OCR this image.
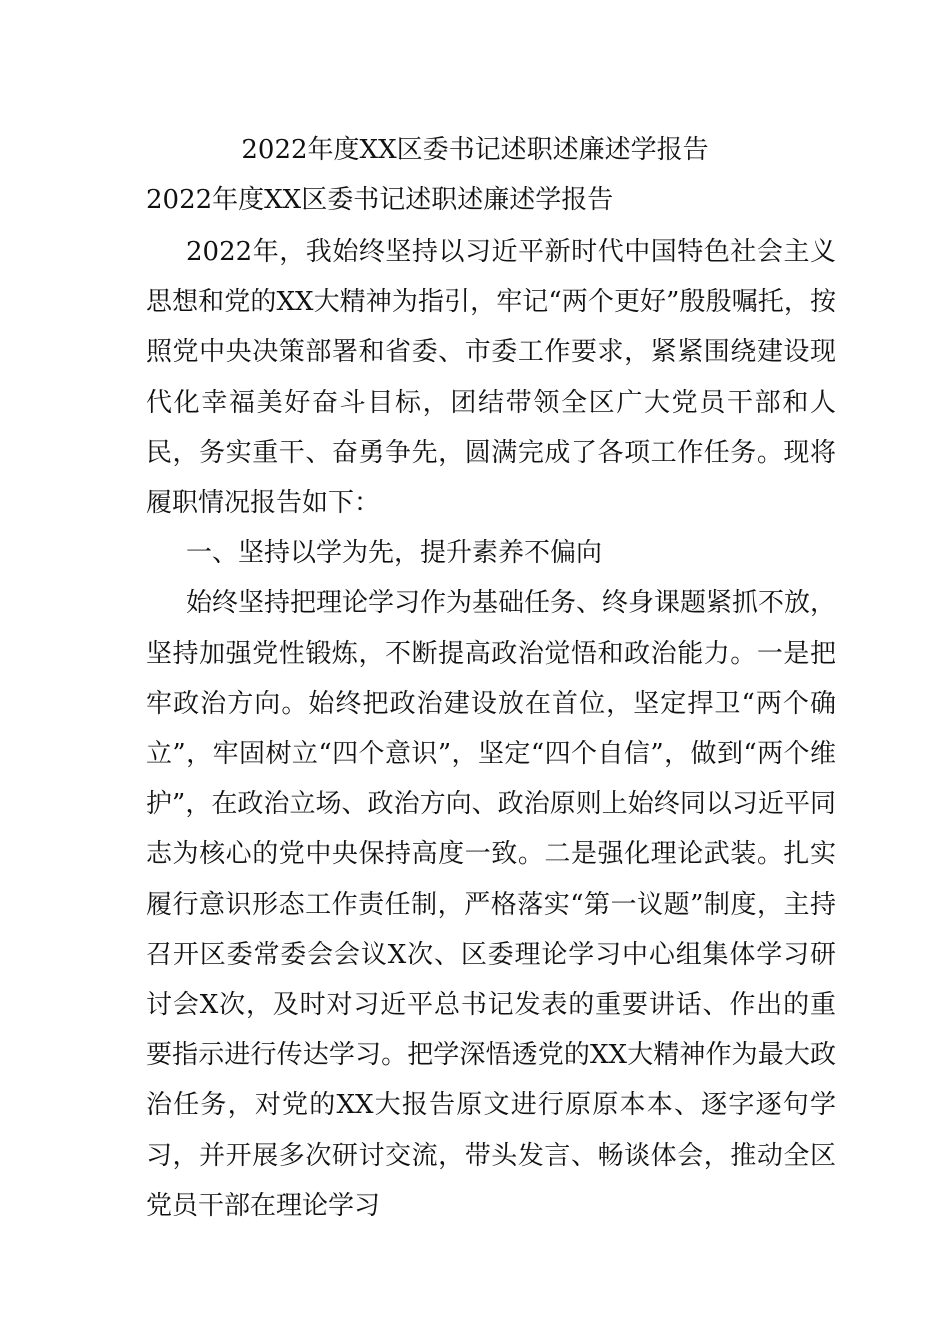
2022年度XX区委书记述职述廉述学报告
2022年度XX区委书记述职述廉述学报告

2022年，我始终坚持以习近平新时代中国特色社会主义思想和党的XX大精神为指引，牢记“两个更好”殷殷嘱托，按照党中央决策部署和省委、市委工作要求，紧紧围绕建设现代化幸福美好奋斗目标，团结带领全区广大党员干部和人民，务实重干、奋勇争先，圆满完成了各项工作任务。现将履职情况报告如下：

一、坚持以学为先，提升素养不偏向

始终坚持把理论学习作为基础任务、终身课题紧抓不放，坚持加强党性锻炼，不断提高政治觉悟和政治能力。一是把牢政治方向。始终把政治建设放在首位，坚定捍卫“两个确立”，牢固树立“四个意识”，坚定“四个自信”，做到“两个维护”，在政治立场、政治方向、政治原则上始终同以习近平同志为核心的党中央保持高度一致。二是强化理论武装。扎实履行意识形态工作责任制，严格落实“第一议题”制度，主持召开区委常委会会议X次、区委理论学习中心组集体学习研讨会X次，及时对习近平总书记发表的重要讲话、作出的重要指示进行传达学习。把学深悟透党的XX大精神作为最大政治任务，对党的XX大报告原文进行原原本本、逐字逐句学习，并开展多次研讨交流，带头发言、畅谈体会，推动全区党员干部在理论学习
